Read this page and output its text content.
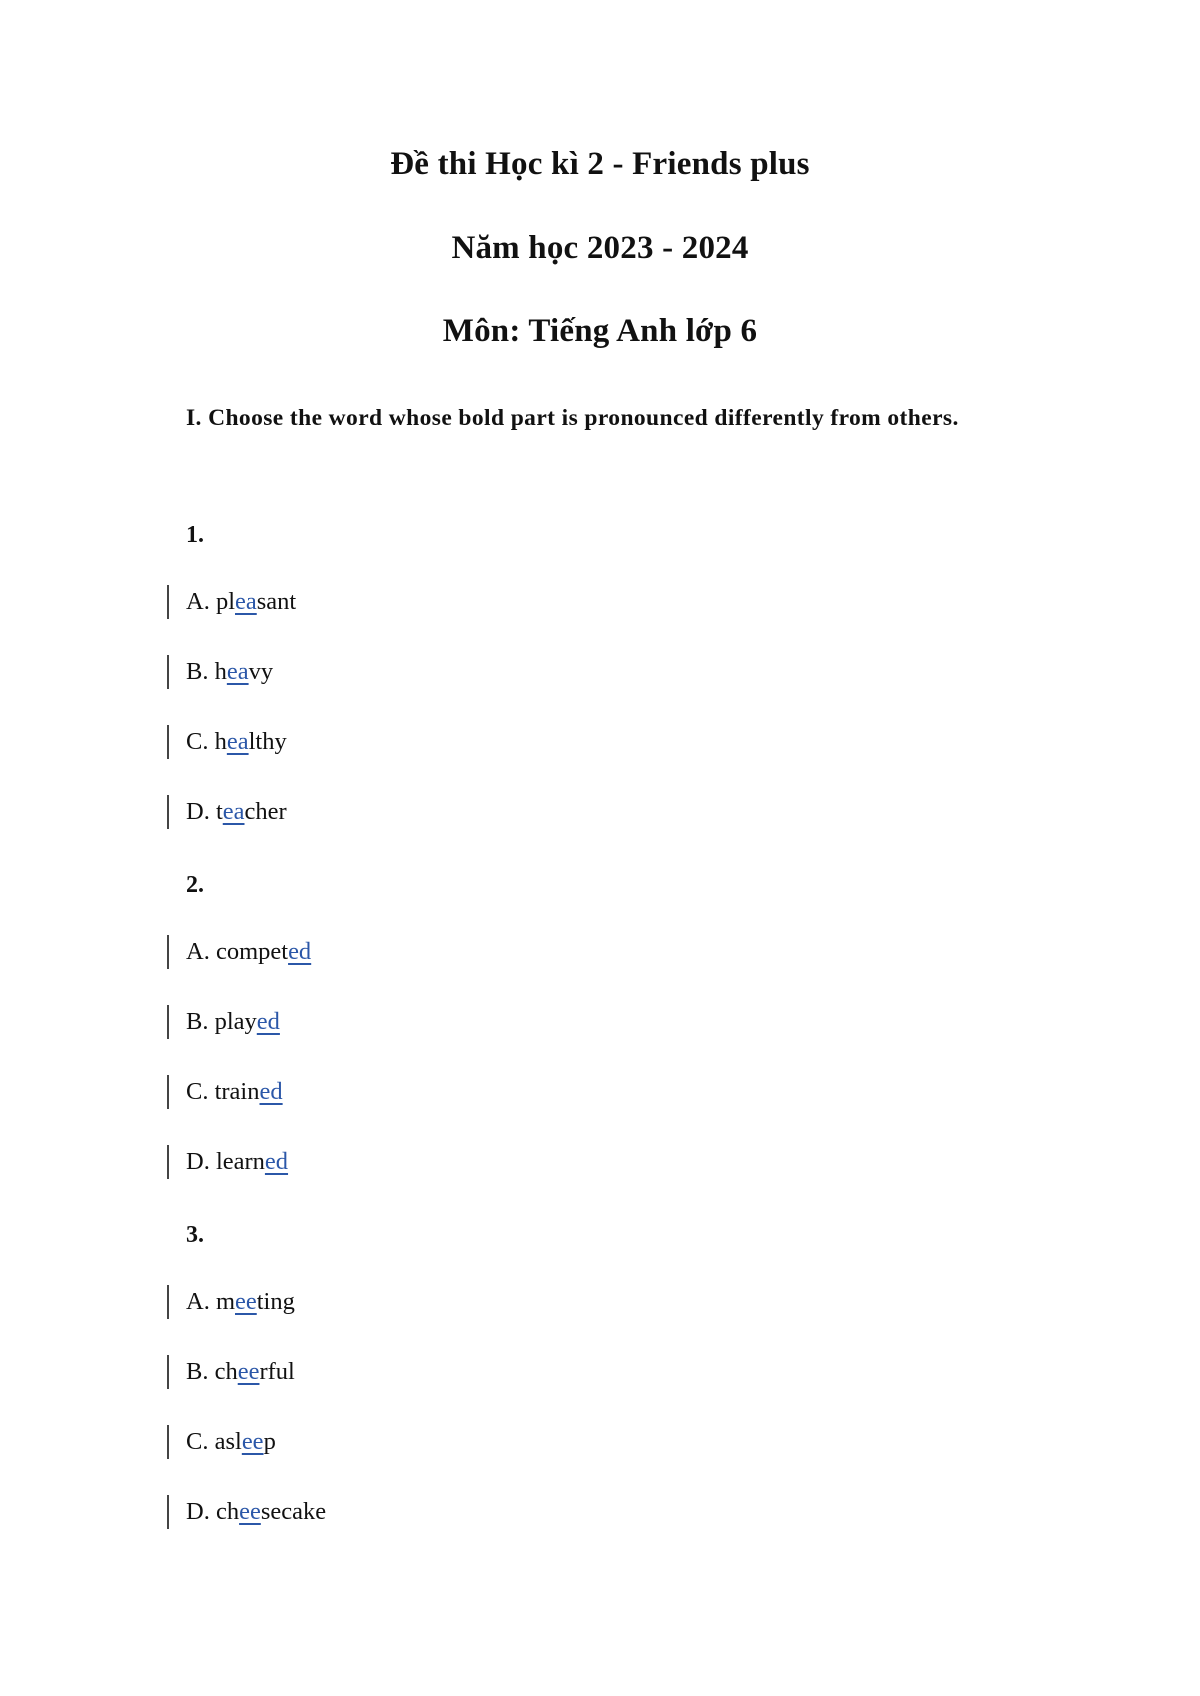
Đề thi Học kì 2 - Friends plus
Năm học 2023 - 2024
Môn: Tiếng Anh lớp 6
I. Choose the word whose bold part is pronounced differently from others.
1.
A. pleasant
B. heavy
C. healthy
D. teacher
2.
A. competed
B. played
C. trained
D. learned
3.
A. meeting
B. cheerful
C. asleep
D. cheesecake
